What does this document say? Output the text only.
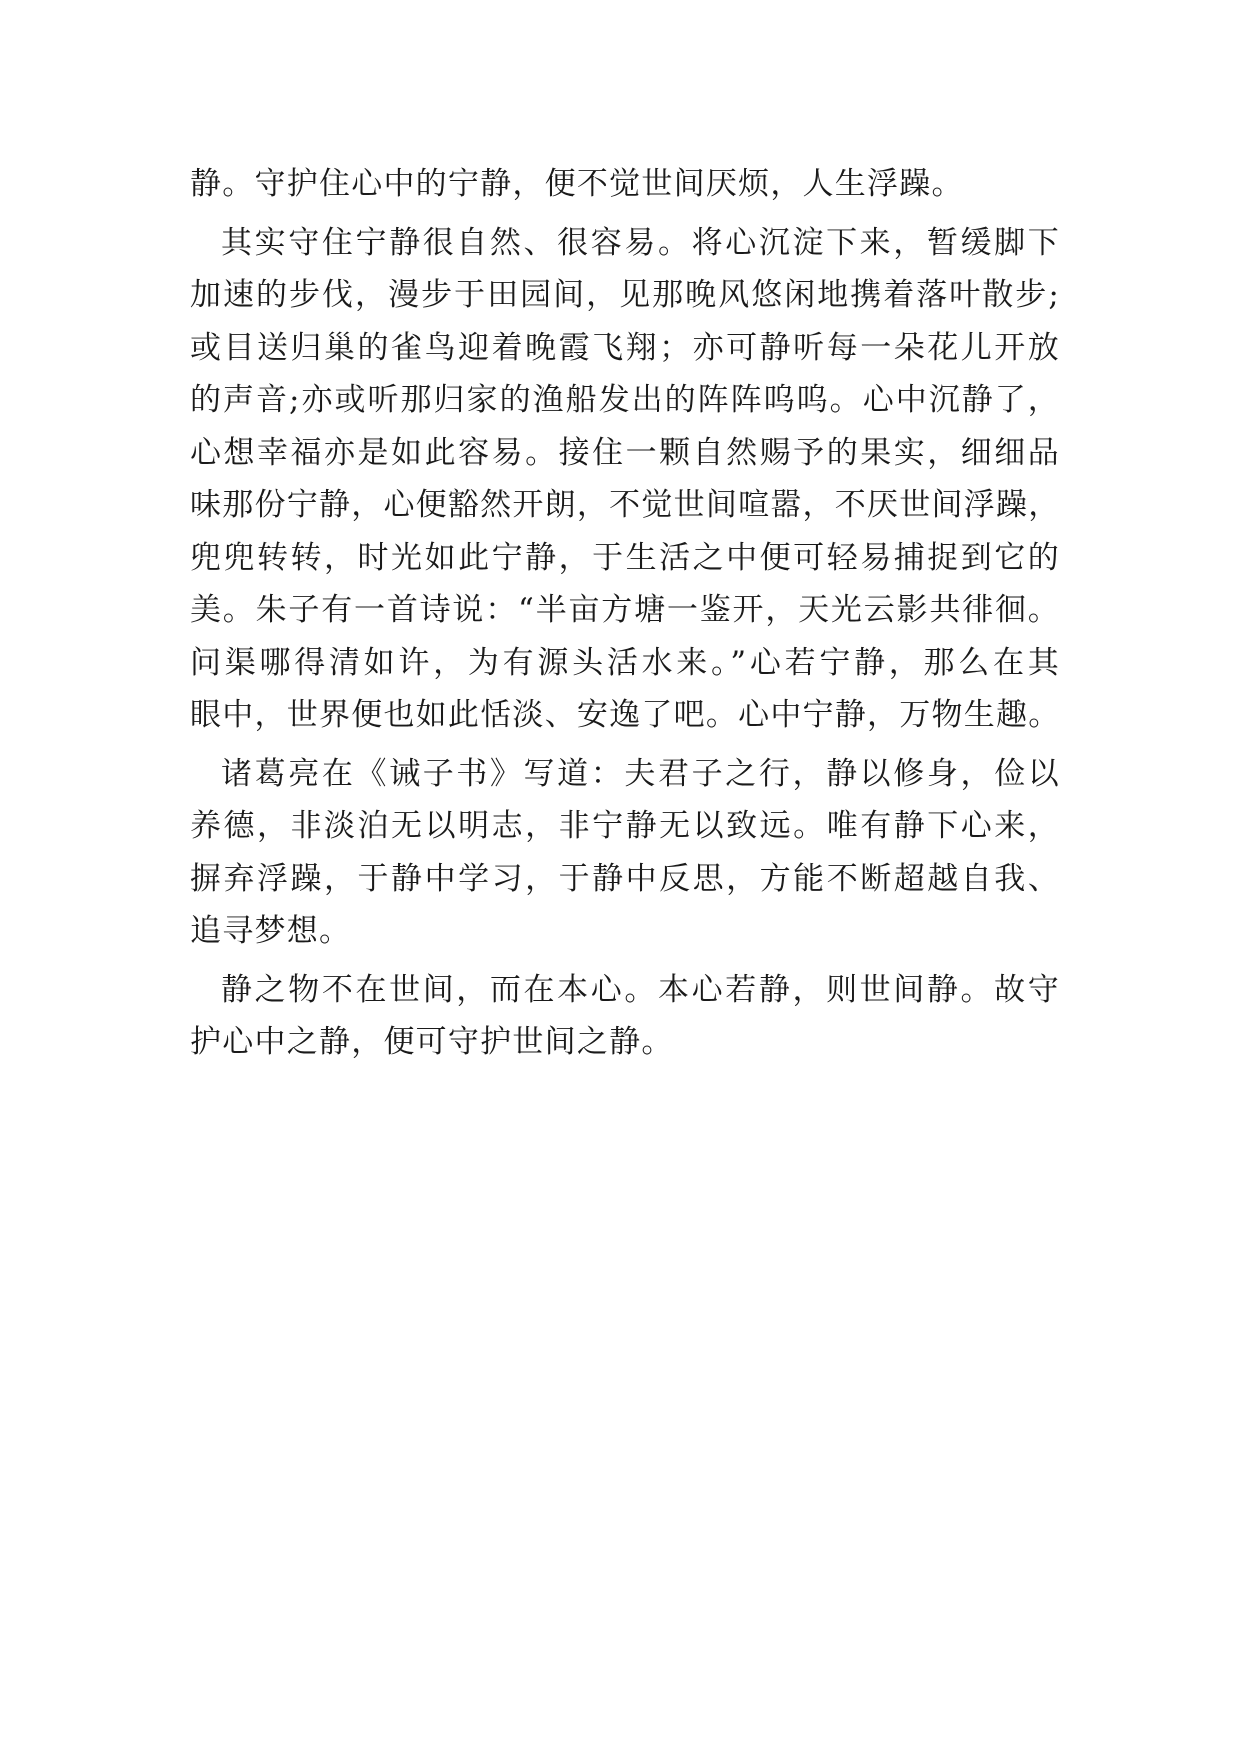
静。守护住心中的宁静，便不觉世间厌烦，人生浮躁。
其实守住宁静很自然、很容易。将心沉淀下来，暂缓脚下
加速的步伐，漫步于田园间，见那晚风悠闲地携着落叶散步;
或目送归巢的雀鸟迎着晚霞飞翔；亦可静听每一朵花儿开放
的声音;亦或听那归家的渔船发出的阵阵呜呜。心中沉静了，
心想幸福亦是如此容易。接住一颗自然赐予的果实，细细品
味那份宁静，心便豁然开朗，不觉世间喧嚣，不厌世间浮躁，
兜兜转转，时光如此宁静，于生活之中便可轻易捕捉到它的
美。朱子有一首诗说：“半亩方塘一鉴开，天光云影共徘徊。
问渠哪得清如许，为有源头活水来。”心若宁静，那么在其
眼中，世界便也如此恬淡、安逸了吧。心中宁静，万物生趣。
诸葛亮在《诫子书》写道：夫君子之行，静以修身，俭以
养德，非淡泊无以明志，非宁静无以致远。唯有静下心来，
摒弃浮躁，于静中学习，于静中反思，方能不断超越自我、
追寻梦想。
静之物不在世间，而在本心。本心若静，则世间静。故守
护心中之静，便可守护世间之静。
